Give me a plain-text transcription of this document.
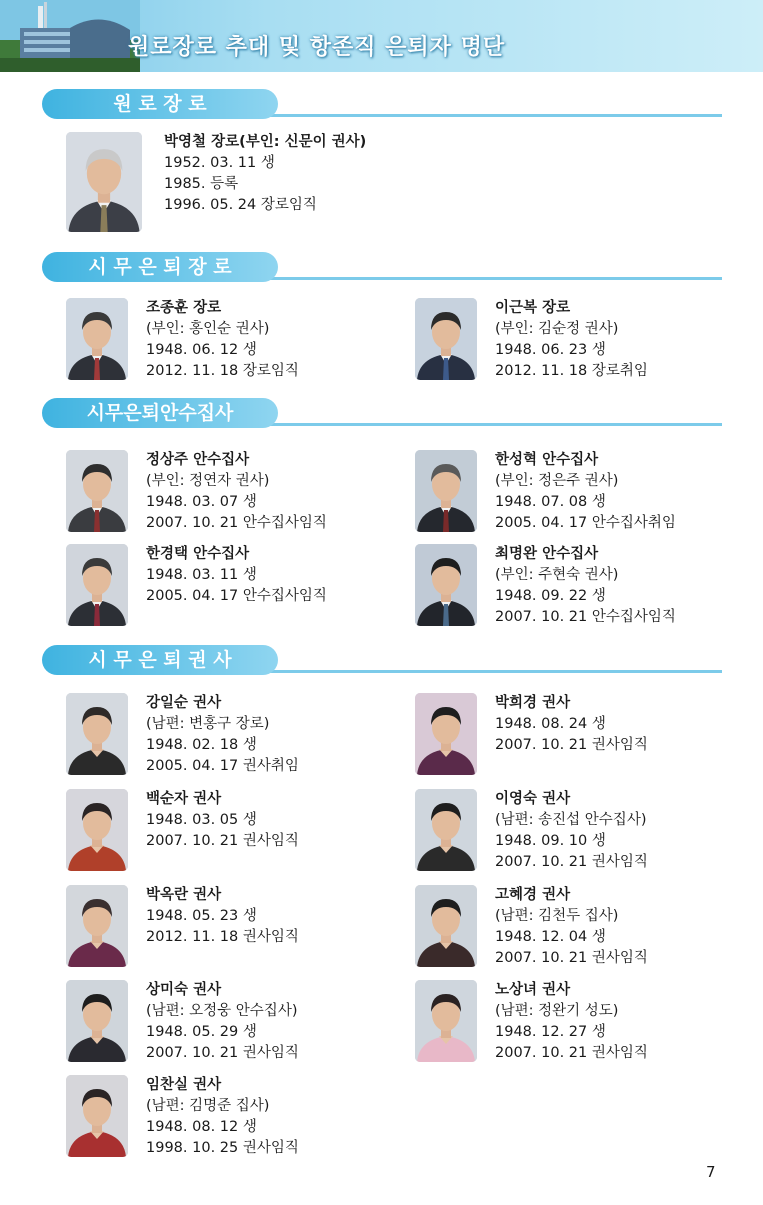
원로장로 추대 및 항존직 은퇴자 명단
원 로 장 로
박영철 장로(부인: 신문이 권사)
1952. 03. 11 생
1985. 등록
1996. 05. 24 장로임직
시 무 은 퇴 장 로
조종훈 장로
(부인: 홍인순 권사)
1948. 06. 12 생
2012. 11. 18 장로임직
이근복 장로
(부인: 김순정 권사)
1948. 06. 23 생
2012. 11. 18 장로취임
시무은퇴안수집사
정상주 안수집사
(부인: 정연자 권사)
1948. 03. 07 생
2007. 10. 21 안수집사임직
한성혁 안수집사
(부인: 정은주 권사)
1948. 07. 08 생
2005. 04. 17 안수집사취임
한경택 안수집사
1948. 03. 11 생
2005. 04. 17 안수집사임직
최명완 안수집사
(부인: 주현숙 권사)
1948. 09. 22 생
2007. 10. 21 안수집사임직
시 무 은 퇴 권 사
강일순 권사
(남편: 변홍구 장로)
1948. 02. 18 생
2005. 04. 17 권사취임
박희경 권사
1948. 08. 24 생
2007. 10. 21 권사임직
백순자 권사
1948. 03. 05 생
2007. 10. 21 권사임직
이영숙 권사
(남편: 송진섭 안수집사)
1948. 09. 10 생
2007. 10. 21 권사임직
박옥란 권사
1948. 05. 23 생
2012. 11. 18 권사임직
고혜경 권사
(남편: 김천두 집사)
1948. 12. 04 생
2007. 10. 21 권사임직
상미숙 권사
(남편: 오정웅 안수집사)
1948. 05. 29 생
2007. 10. 21 권사임직
노상녀 권사
(남편: 정완기 성도)
1948. 12. 27 생
2007. 10. 21 권사임직
임찬실 권사
(남편: 김명준 집사)
1948. 08. 12 생
1998. 10. 25 권사임직
7
